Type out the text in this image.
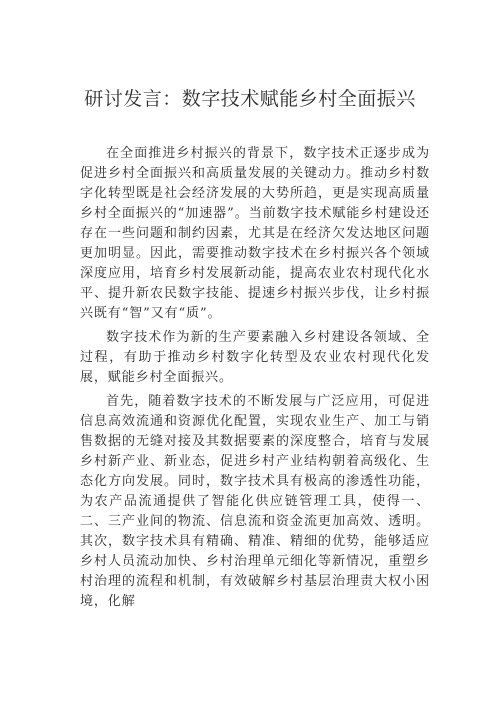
研讨发言：数字技术赋能乡村全面振兴

在全面推进乡村振兴的背景下，数字技术正逐步成为促进乡村全面振兴和高质量发展的关键动力。推动乡村数字化转型既是社会经济发展的大势所趋，更是实现高质量乡村全面振兴的“加速器”。当前数字技术赋能乡村建设还存在一些问题和制约因素，尤其是在经济欠发达地区问题更加明显。因此，需要推动数字技术在乡村振兴各个领域深度应用，培育乡村发展新动能，提高农业农村现代化水平、提升新农民数字技能、提速乡村振兴步伐，让乡村振兴既有“智”又有“质”。

数字技术作为新的生产要素融入乡村建设各领域、全过程，有助于推动乡村数字化转型及农业农村现代化发展，赋能乡村全面振兴。

首先，随着数字技术的不断发展与广泛应用，可促进信息高效流通和资源优化配置，实现农业生产、加工与销售数据的无缝对接及其数据要素的深度整合，培育与发展乡村新产业、新业态，促进乡村产业结构朝着高级化、生态化方向发展。同时，数字技术具有极高的渗透性功能，为农产品流通提供了智能化供应链管理工具，使得一、二、三产业间的物流、信息流和资金流更加高效、透明。其次，数字技术具有精确、精准、精细的优势，能够适应乡村人员流动加快、乡村治理单元细化等新情况，重塑乡村治理的流程和机制，有效破解乡村基层治理责大权小困境，化解
